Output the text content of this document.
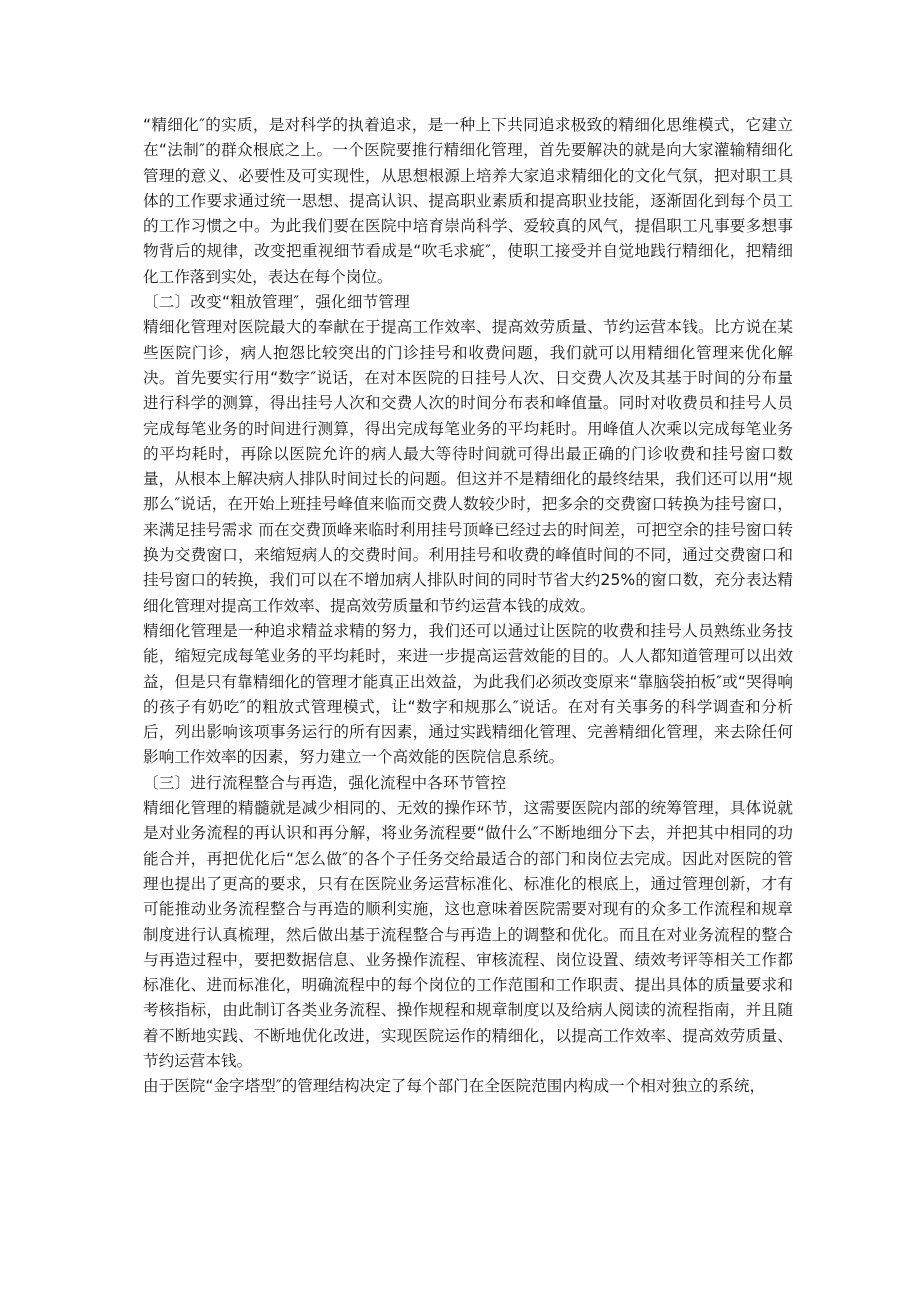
“精细化″的实质，是对科学的执着追求，是一种上下共同追求极致的精细化思维模式，它建立在“法制″的群众根底之上。一个医院要推行精细化管理，首先要解决的就是向大家灌输精细化管理的意义、必要性及可实现性，从思想根源上培养大家追求精细化的文化气氛，把对职工具体的工作要求通过统一思想、提高认识、提高职业素质和提高职业技能，逐渐固化到每个员工的工作习惯之中。为此我们要在医院中培育崇尚科学、爱较真的风气，提倡职工凡事要多想事物背后的规律，改变把重视细节看成是“吹毛求疵″，使职工接受并自觉地践行精细化，把精细化工作落到实处，表达在每个岗位。

〔二〕改变“粗放管理″，强化细节管理

精细化管理对医院最大的奉献在于提高工作效率、提高效劳质量、节约运营本钱。比方说在某些医院门诊，病人抱怨比较突出的门诊挂号和收费问题，我们就可以用精细化管理来优化解决。首先要实行用“数字″说话，在对本医院的日挂号人次、日交费人次及其基于时间的分布量进行科学的测算，得出挂号人次和交费人次的时间分布表和峰值量。同时对收费员和挂号人员完成每笔业务的时间进行测算，得出完成每笔业务的平均耗时。用峰值人次乘以完成每笔业务的平均耗时，再除以医院允许的病人最大等待时间就可得出最正确的门诊收费和挂号窗口数量，从根本上解决病人排队时间过长的问题。但这并不是精细化的最终结果，我们还可以用“规那么″说话，在开始上班挂号峰值来临而交费人数较少时，把多余的交费窗口转换为挂号窗口，来满足挂号需求 而在交费顶峰来临时利用挂号顶峰已经过去的时间差，可把空余的挂号窗口转换为交费窗口，来缩短病人的交费时间。利用挂号和收费的峰值时间的不同，通过交费窗口和挂号窗口的转换，我们可以在不增加病人排队时间的同时节省大约25%的窗口数，充分表达精细化管理对提高工作效率、提高效劳质量和节约运营本钱的成效。

精细化管理是一种追求精益求精的努力，我们还可以通过让医院的收费和挂号人员熟练业务技能，缩短完成每笔业务的平均耗时，来进一步提高运营效能的目的。人人都知道管理可以出效益，但是只有靠精细化的管理才能真正出效益，为此我们必须改变原来“靠脑袋拍板″或“哭得响的孩子有奶吃″的粗放式管理模式，让“数字和规那么″说话。在对有关事务的科学调查和分析后，列出影响该项事务运行的所有因素，通过实践精细化管理、完善精细化管理，来去除任何影响工作效率的因素，努力建立一个高效能的医院信息系统。

〔三〕进行流程整合与再造，强化流程中各环节管控

精细化管理的精髓就是减少相同的、无效的操作环节，这需要医院内部的统筹管理，具体说就是对业务流程的再认识和再分解，将业务流程要“做什么″不断地细分下去，并把其中相同的功能合并，再把优化后“怎么做″的各个子任务交给最适合的部门和岗位去完成。因此对医院的管理也提出了更高的要求，只有在医院业务运营标准化、标准化的根底上，通过管理创新，才有可能推动业务流程整合与再造的顺利实施，这也意味着医院需要对现有的众多工作流程和规章制度进行认真梳理，然后做出基于流程整合与再造上的调整和优化。而且在对业务流程的整合与再造过程中，要把数据信息、业务操作流程、审核流程、岗位设置、绩效考评等相关工作都标准化、进而标准化，明确流程中的每个岗位的工作范围和工作职责、提出具体的质量要求和考核指标，由此制订各类业务流程、操作规程和规章制度以及给病人阅读的流程指南，并且随着不断地实践、不断地优化改进，实现医院运作的精细化，以提高工作效率、提高效劳质量、节约运营本钱。

由于医院“金字塔型″的管理结构决定了每个部门在全医院范围内构成一个相对独立的系统，
